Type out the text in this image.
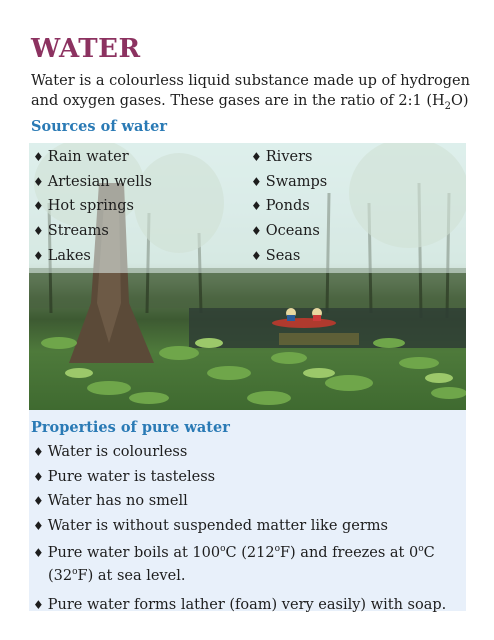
WATER

Water is a colourless liquid substance made up of hydrogen and oxygen gases. These gases are in the ratio of 2:1 $(H_2O)$

Sources of water
♦ Rain water
♦ Artesian wells
♦ Hot springs
♦ Streams
♦ Lakes
♦ Rivers
♦ Swamps
♦ Ponds
♦ Oceans
♦ Seas
♦ Water is colourless
♦ Pure water is tasteless
♦ Water has no smell
♦ Water is without suspended matter like germs
♦ Pure water boils at 100$^o$C (212$^o$F) and freezes at 0$^o$C (32$^o$F) at sea level.
♦ Pure water forms lather (foam) very easily) with soap.
Properties of pure water
